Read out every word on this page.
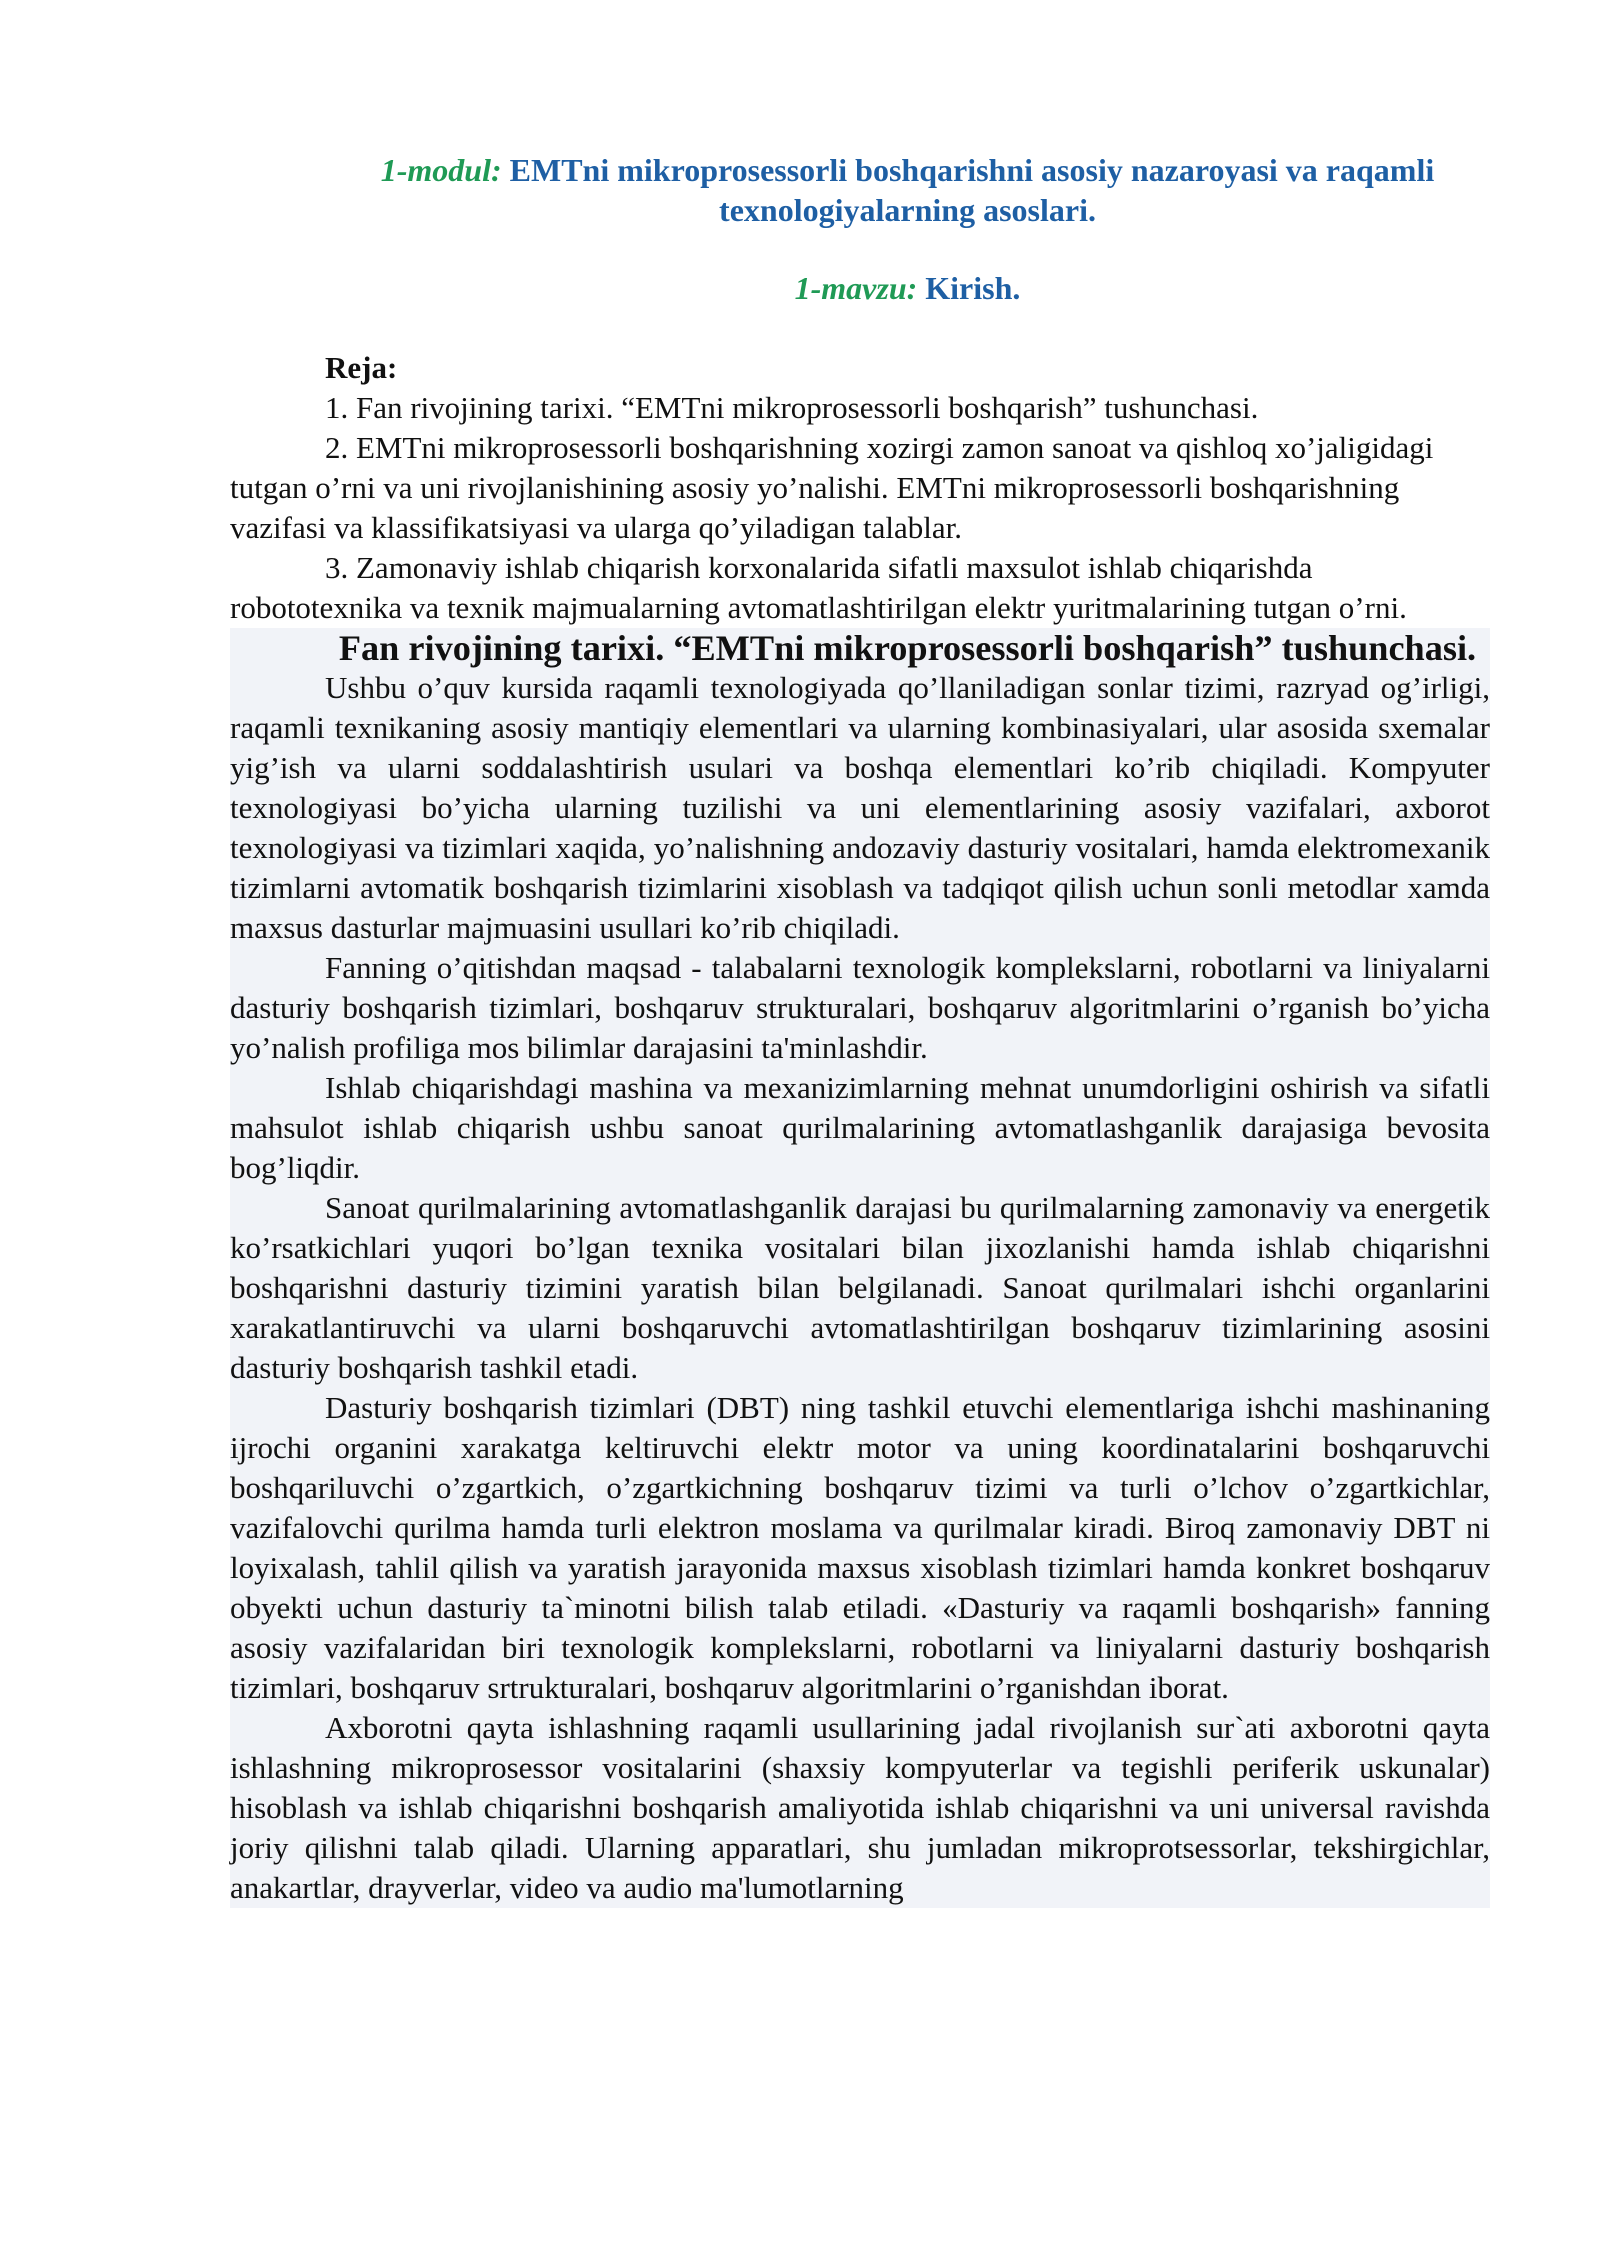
1-modul: EMTni mikroprosessorli boshqarishni asosiy nazaroyasi va raqamli
texnologiyalarning asoslari.
1-mavzu: Kirish.
Reja:

1. Fan rivojining tarixi. “EMTni mikroprosessorli boshqarish” tushunchasi.

2. EMTni mikroprosessorli boshqarishning xozirgi zamon sanoat va qishloq xo’jaligidagi tutgan o’rni va uni rivojlanishining asosiy yo’nalishi. EMTni mikroprosessorli boshqarishning vazifasi va klassifikatsiyasi va ularga qo’yiladigan talablar.

3. Zamonaviy ishlab chiqarish korxonalarida sifatli maxsulot ishlab chiqarishda robototexnika va texnik majmualarning avtomatlashtirilgan elektr yuritmalarining tutgan o’rni.

Fan rivojining tarixi. “EMTni mikroprosessorli boshqarish” tushunchasi.

Ushbu o’quv kursida raqamli texnologiyada qo’llaniladigan sonlar tizimi, razryad og’irligi, raqamli texnikaning asosiy mantiqiy elementlari va ularning kombinasiyalari, ular asosida sxemalar yig’ish va ularni soddalashtirish usulari va boshqa elementlari ko’rib chiqiladi. Kompyuter texnologiyasi bo’yicha ularning tuzilishi va uni elementlarining asosiy vazifalari, axborot texnologiyasi va tizimlari xaqida, yo’nalishning andozaviy dasturiy vositalari, hamda elektromexanik tizimlarni avtomatik boshqarish tizimlarini xisoblash va tadqiqot qilish uchun sonli metodlar xamda maxsus dasturlar majmuasini usullari ko’rib chiqiladi.

Fanning o’qitishdan maqsad - talabalarni texnologik komplekslarni, robotlarni va liniyalarni dasturiy boshqarish tizimlari, boshqaruv strukturalari, boshqaruv algoritmlarini o’rganish bo’yicha yo’nalish profiliga mos bilimlar darajasini ta'minlashdir.

Ishlab chiqarishdagi mashina va mexanizimlarning mehnat unumdorligini oshirish va sifatli mahsulot ishlab chiqarish ushbu sanoat qurilmalarining avtomatlashganlik darajasiga bevosita bog’liqdir.

Sanoat qurilmalarining avtomatlashganlik darajasi bu qurilmalarning zamonaviy va energetik ko’rsatkichlari yuqori bo’lgan texnika vositalari bilan jixozlanishi hamda ishlab chiqarishni boshqarishni dasturiy tizimini yaratish bilan belgilanadi. Sanoat qurilmalari ishchi organlarini xarakatlantiruvchi va ularni boshqaruvchi avtomatlashtirilgan boshqaruv tizimlarining asosini dasturiy boshqarish tashkil etadi.

Dasturiy boshqarish tizimlari (DBT) ning tashkil etuvchi elementlariga ishchi mashinaning ijrochi organini xarakatga keltiruvchi elektr motor va uning koordinatalarini boshqaruvchi boshqariluvchi o’zgartkich, o’zgartkichning boshqaruv tizimi va turli o’lchov o’zgartkichlar, vazifalovchi qurilma hamda turli elektron moslama va qurilmalar kiradi. Biroq zamonaviy DBT ni loyixalash, tahlil qilish va yaratish jarayonida maxsus xisoblash tizimlari hamda konkret boshqaruv obyekti uchun dasturiy ta`minotni bilish talab etiladi. «Dasturiy va raqamli boshqarish» fanning asosiy vazifalaridan biri texnologik komplekslarni, robotlarni va liniyalarni dasturiy boshqarish tizimlari, boshqaruv srtrukturalari, boshqaruv algoritmlarini o’rganishdan iborat.

Axborotni qayta ishlashning raqamli usullarining jadal rivojlanish sur`ati axborotni qayta ishlashning mikroprosessor vositalarini (shaxsiy kompyuterlar va tegishli periferik uskunalar) hisoblash va ishlab chiqarishni boshqarish amaliyotida ishlab chiqarishni va uni universal ravishda joriy qilishni talab qiladi. Ularning apparatlari, shu jumladan mikroprotsessorlar, tekshirgichlar, anakartlar, drayverlar, video va audio ma'lumotlarning
